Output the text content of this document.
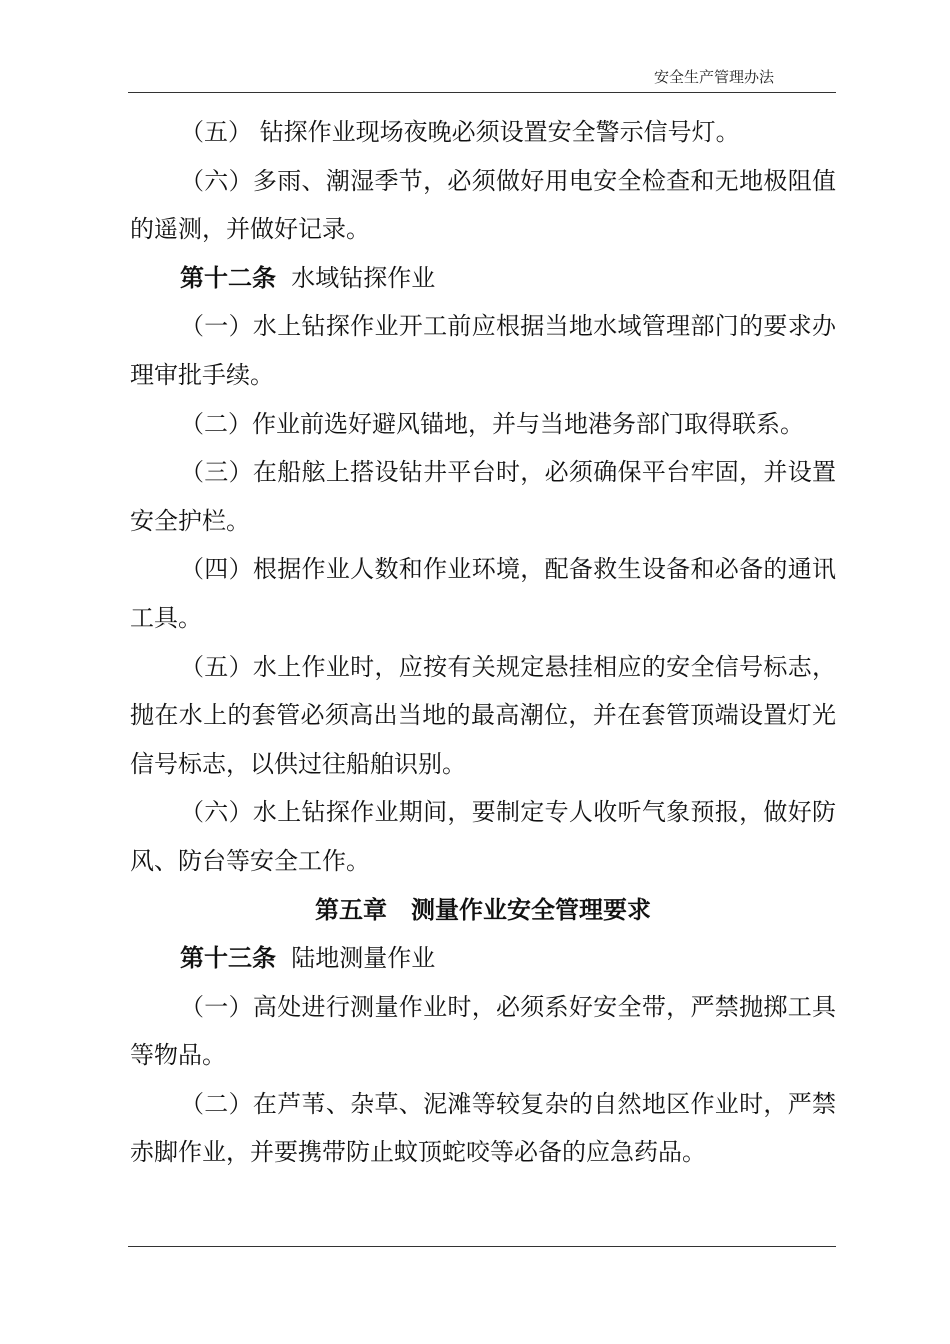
安全生产管理办法

（五） 钻探作业现场夜晚必须设置安全警示信号灯。

（六）多雨、潮湿季节，必须做好用电安全检查和无地极阻值的遥测，并做好记录。

第十二条 水域钻探作业

（一）水上钻探作业开工前应根据当地水域管理部门的要求办理审批手续。

（二）作业前选好避风锚地，并与当地港务部门取得联系。

（三）在船舷上搭设钻井平台时，必须确保平台牢固，并设置安全护栏。

（四）根据作业人数和作业环境，配备救生设备和必备的通讯工具。

（五）水上作业时，应按有关规定悬挂相应的安全信号标志，抛在水上的套管必须高出当地的最高潮位，并在套管顶端设置灯光信号标志，以供过往船舶识别。

（六）水上钻探作业期间，要制定专人收听气象预报，做好防风、防台等安全工作。

第五章　测量作业安全管理要求

第十三条 陆地测量作业

（一）高处进行测量作业时，必须系好安全带，严禁抛掷工具等物品。

（二）在芦苇、杂草、泥滩等较复杂的自然地区作业时，严禁赤脚作业，并要携带防止蚊顶蛇咬等必备的应急药品。
